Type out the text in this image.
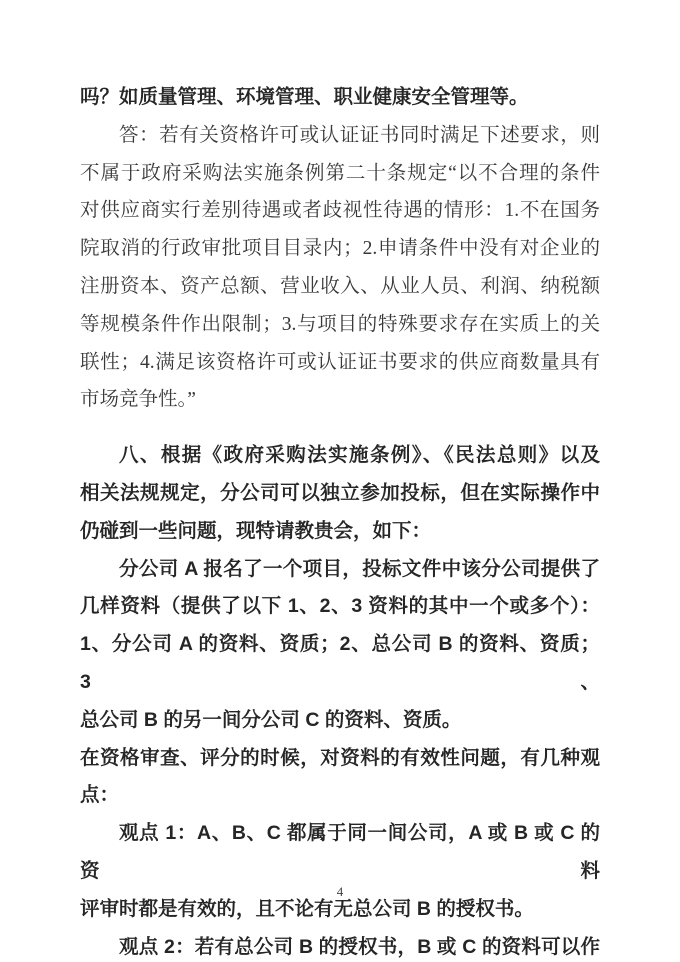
吗？如质量管理、环境管理、职业健康安全管理等。
答：若有关资格许可或认证证书同时满足下述要求，则
不属于政府采购法实施条例第二十条规定“以不合理的条件
对供应商实行差别待遇或者歧视性待遇的情形：1.不在国务
院取消的行政审批项目目录内；2.申请条件中没有对企业的
注册资本、资产总额、营业收入、从业人员、利润、纳税额
等规模条件作出限制；3.与项目的特殊要求存在实质上的关
联性；4.满足该资格许可或认证证书要求的供应商数量具有
市场竞争性。”
八、根据《政府采购法实施条例》、《民法总则》以及
相关法规规定，分公司可以独立参加投标，但在实际操作中
仍碰到一些问题，现特请教贵会，如下：
分公司 A 报名了一个项目，投标文件中该分公司提供了
几样资料（提供了以下 1、2、3 资料的其中一个或多个）：
1、分公司 A 的资料、资质；2、总公司 B 的资料、资质；3、
总公司 B 的另一间分公司 C 的资料、资质。
在资格审查、评分的时候，对资料的有效性问题，有几种观
点：
观点 1：A、B、C 都属于同一间公司，A 或 B 或 C 的资料
评审时都是有效的，且不论有无总公司 B 的授权书。
观点 2：若有总公司 B 的授权书，B 或 C 的资料可以作
4
